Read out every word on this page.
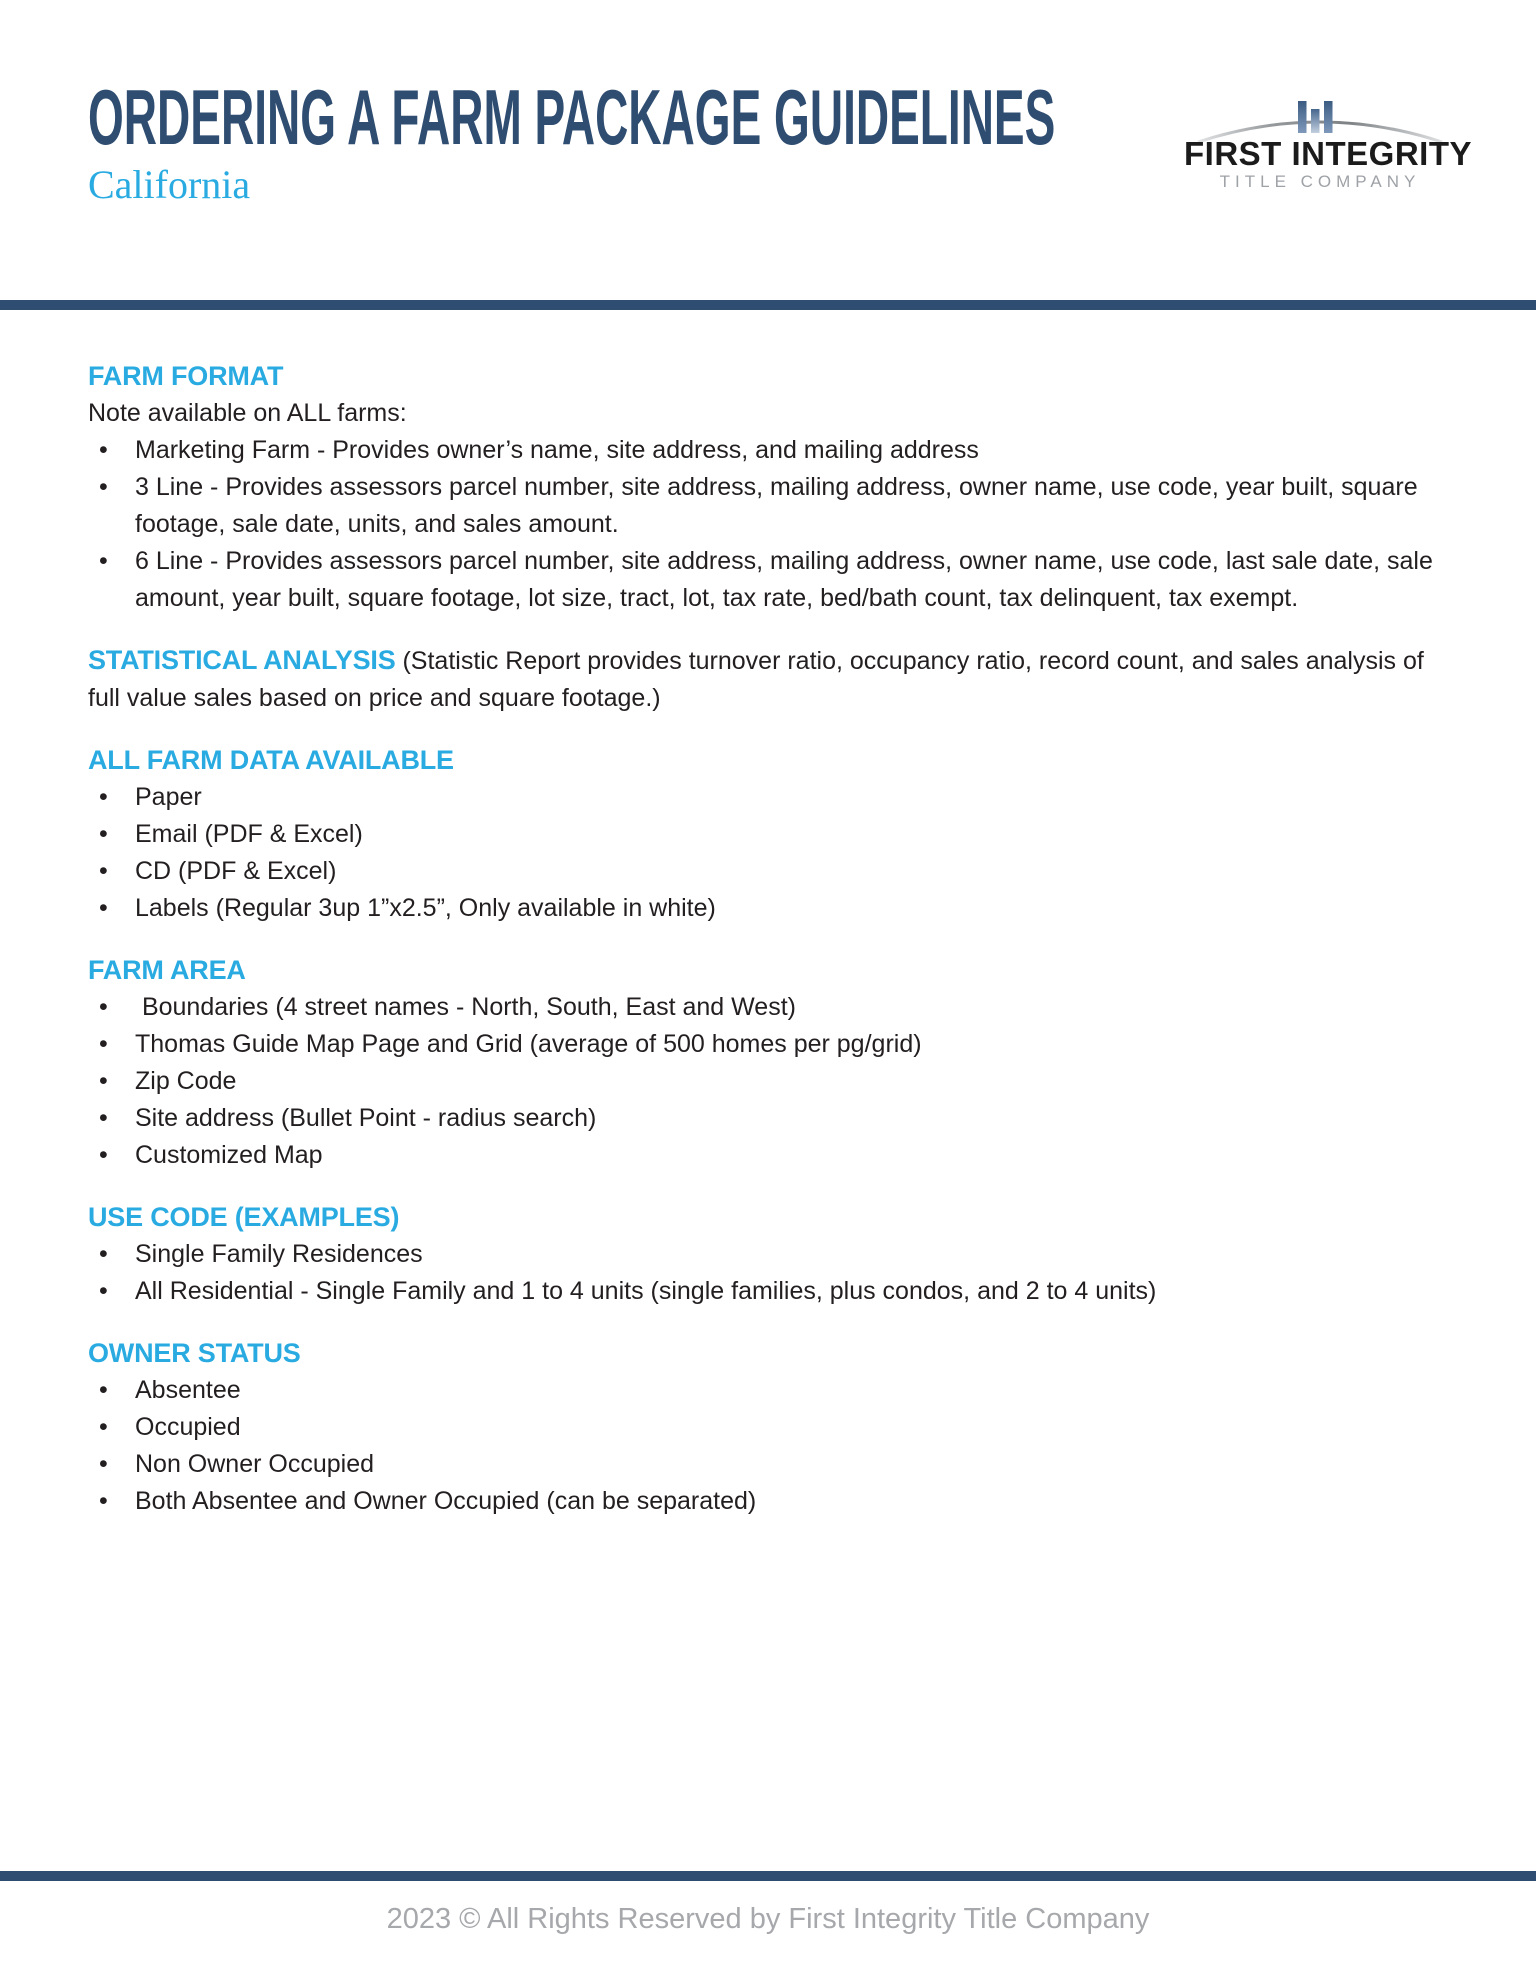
ORDERING A FARM PACKAGE GUIDELINES
California
FIRST INTEGRITY
TITLE COMPANY
FARM FORMAT

Note available on ALL farms:

• Marketing Farm - Provides owner’s name, site address, and mailing address
• 3 Line - Provides assessors parcel number, site address, mailing address, owner name, use code, year built, square footage, sale date, units, and sales amount.
• 6 Line - Provides assessors parcel number, site address, mailing address, owner name, use code, last sale date, sale amount, year built, square footage, lot size, tract, lot, tax rate, bed/bath count, tax delinquent, tax exempt.
STATISTICAL ANALYSIS

(Statistic Report provides turnover ratio, occupancy ratio, record count, and sales analysis of full value sales based on price and square footage.)

ALL FARM DATA AVAILABLE
• Paper
• Email (PDF & Excel)
• CD (PDF & Excel)
• Labels (Regular 3up 1”x2.5”, Only available in white)
FARM AREA
•  Boundaries (4 street names - North, South, East and West)
• Thomas Guide Map Page and Grid (average of 500 homes per pg/grid)
• Zip Code
• Site address (Bullet Point - radius search)
• Customized Map
USE CODE (EXAMPLES)
• Single Family Residences
• All Residential - Single Family and 1 to 4 units (single families, plus condos, and 2 to 4 units)
OWNER STATUS
• Absentee
• Occupied
• Non Owner Occupied
• Both Absentee and Owner Occupied (can be separated)
2023 © All Rights Reserved by First Integrity Title Company
